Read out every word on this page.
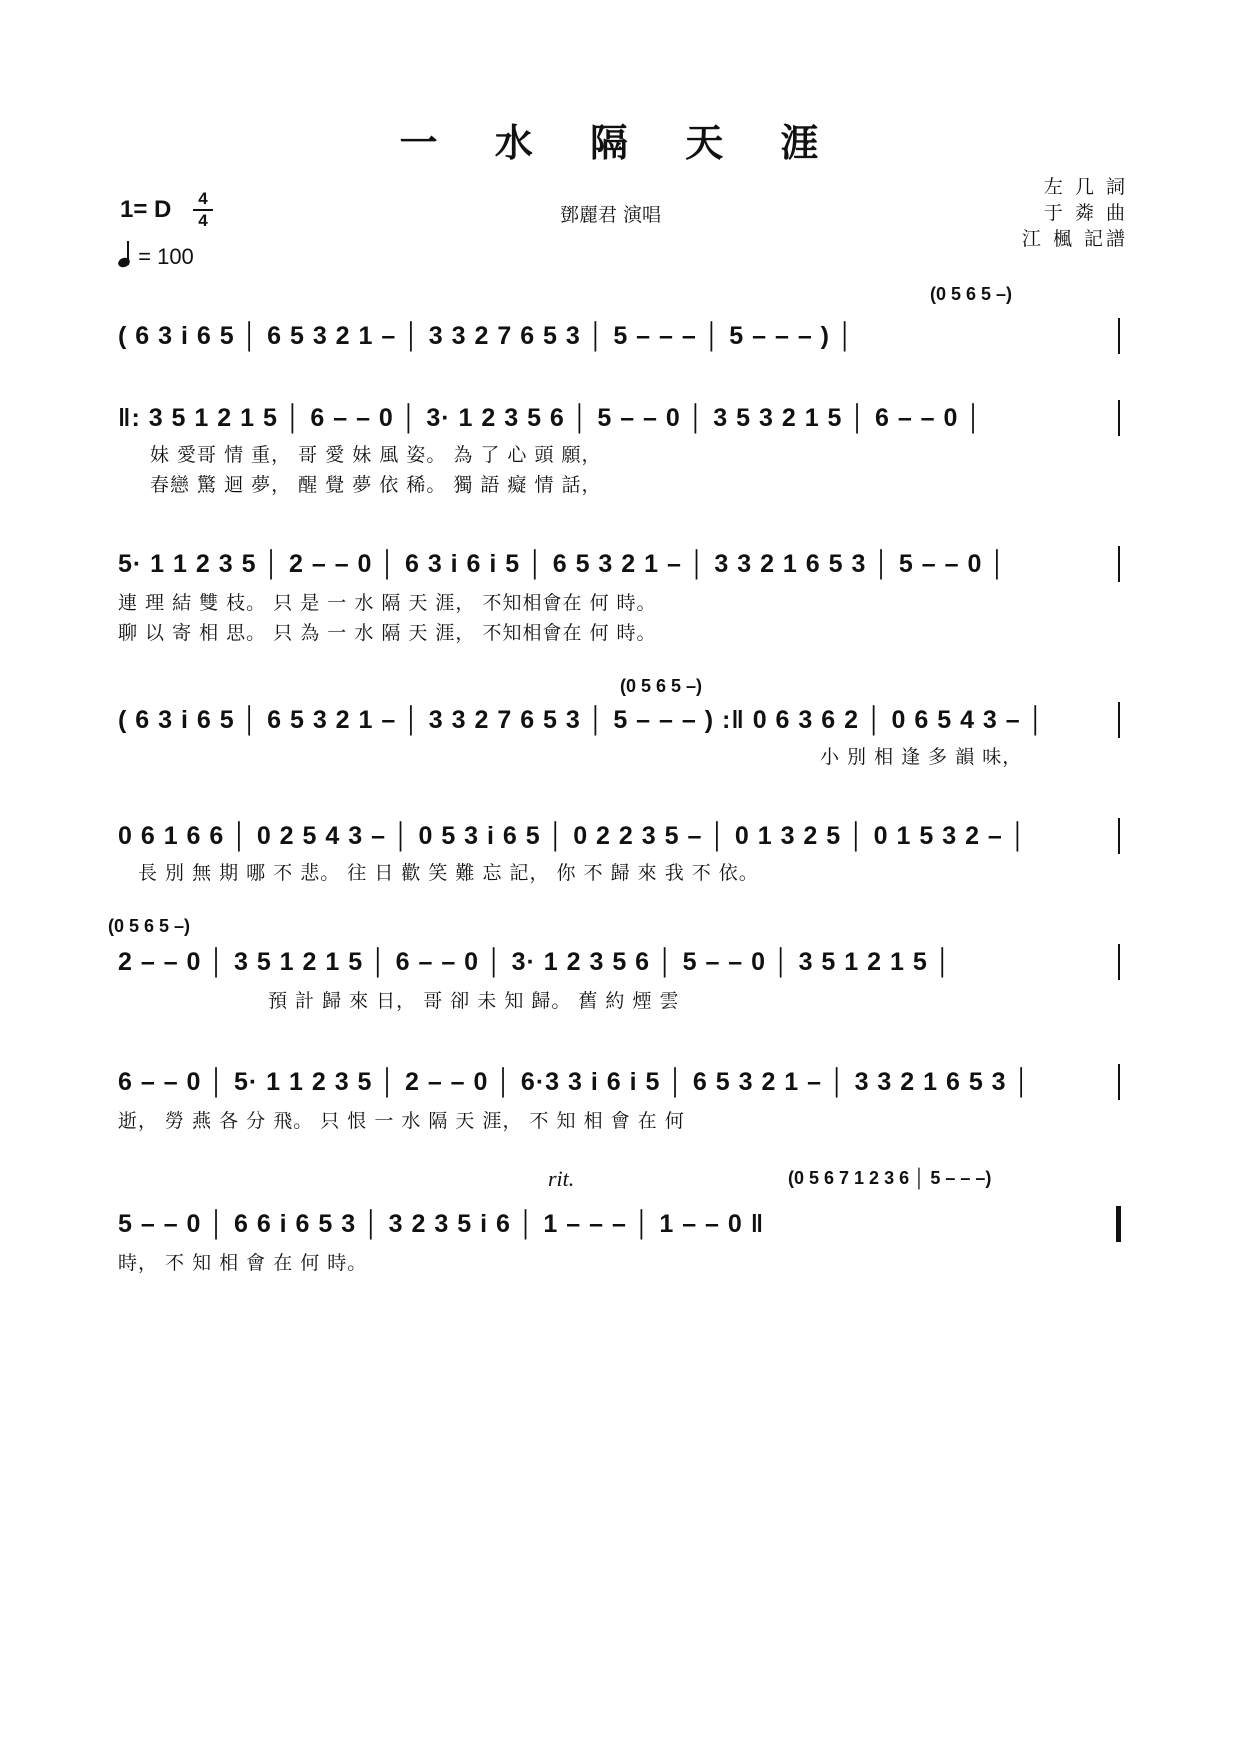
一 水 隔 天 涯
1= D	4
4
= 100
鄧麗君 演唱
左 几 詞
于 粦 曲
江 楓 記譜
(0 5 6 5 –)
( 6 3 i 6 5 │ 6 5 3 2 1 – │ 3 3 2 7 6 5 3 │ 5 – – – │ 5 – – – ) │
‖: 3 5 1 2 1 5 │ 6 – – 0 │ 3· 1 2 3 5 6 │ 5 – – 0 │ 3 5 3 2 1 5 │ 6 – – 0 │
妹 愛哥 情 重， 哥 愛 妹 風 姿。 為 了 心 頭 願，
春戀 驚 迴 夢， 醒 覺 夢 依 稀。 獨 語 癡 情 話，
5· 1 1 2 3 5 │ 2 – – 0 │ 6 3 i 6 i 5 │ 6 5 3 2 1 – │ 3 3 2 1 6 5 3 │ 5 – – 0 │
連 理 結 雙 枝。 只 是 一 水 隔 天 涯， 不知相會在 何 時。
聊 以 寄 相 思。 只 為 一 水 隔 天 涯， 不知相會在 何 時。
(0 5 6 5 –)
( 6 3 i 6 5 │ 6 5 3 2 1 – │ 3 3 2 7 6 5 3 │ 5 – – – ) :‖ 0 6 3 6 2 │ 0 6 5 4 3 – │
小 別 相 逢 多 韻 味，
0 6 1 6 6 │ 0 2 5 4 3 – │ 0 5 3 i 6 5 │ 0 2 2 3 5 – │ 0 1 3 2 5 │ 0 1 5 3 2 – │
長 別 無 期 哪 不 悲。 往 日 歡 笑 難 忘 記， 你 不 歸 來 我 不 依。
(0 5 6 5 –)
2 – – 0 │ 3 5 1 2 1 5 │ 6 – – 0 │ 3· 1 2 3 5 6 │ 5 – – 0 │ 3 5 1 2 1 5 │
預 計 歸 來 日， 哥 卻 未 知 歸。 舊 約 煙 雲
6 – – 0 │ 5· 1 1 2 3 5 │ 2 – – 0 │ 6·3 3 i 6 i 5 │ 6 5 3 2 1 – │ 3 3 2 1 6 5 3 │
逝， 勞 燕 各 分 飛。 只 恨 一 水 隔 天 涯， 不 知 相 會 在 何
rit.	(0 5 6 7 1 2 3 6 │ 5 – – –)
5 – – 0 │ 6 6 i 6 5 3 │ 3 2 3 5 i 6 │ 1 – – – │ 1 – – 0 ‖
時， 不 知 相 會 在 何 時。
